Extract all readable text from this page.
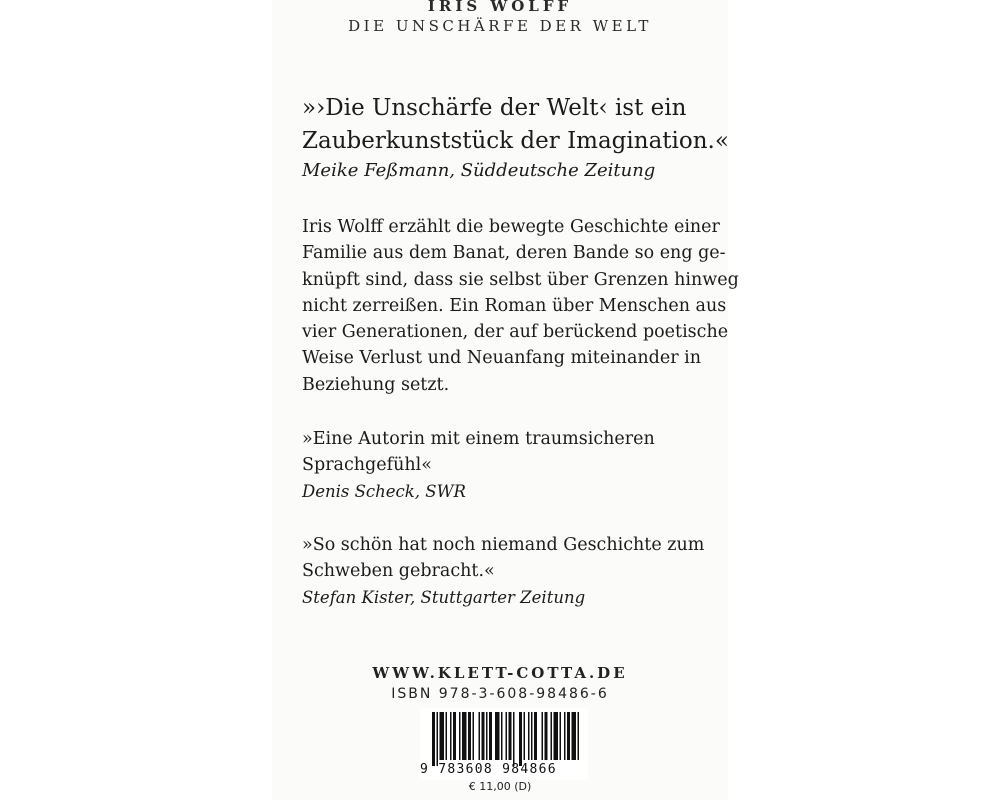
IRIS WOLFF
DIE UNSCHÄRFE DER WELT

»›Die Unschärfe der Welt‹ ist ein
Zauberkunststück der Imagination.«

Meike Feßmann, Süddeutsche Zeitung

Iris Wolff erzählt die bewegte Geschichte einer
Familie aus dem Banat, deren Bande so eng ge-
knüpft sind, dass sie selbst über Grenzen hinweg
nicht zerreißen. Ein Roman über Menschen aus
vier Generationen, der auf berückend poetische
Weise Verlust und Neuanfang miteinander in
Beziehung setzt.

»Eine Autorin mit einem traumsicheren
Sprachgefühl«

Denis Scheck, SWR

»So schön hat noch niemand Geschichte zum
Schweben gebracht.«

Stefan Kister, Stuttgarter Zeitung
WWW.KLETT-COTTA.DE
ISBN 978-3-608-98486-6
9 783608 984866
€ 11,00 (D)
